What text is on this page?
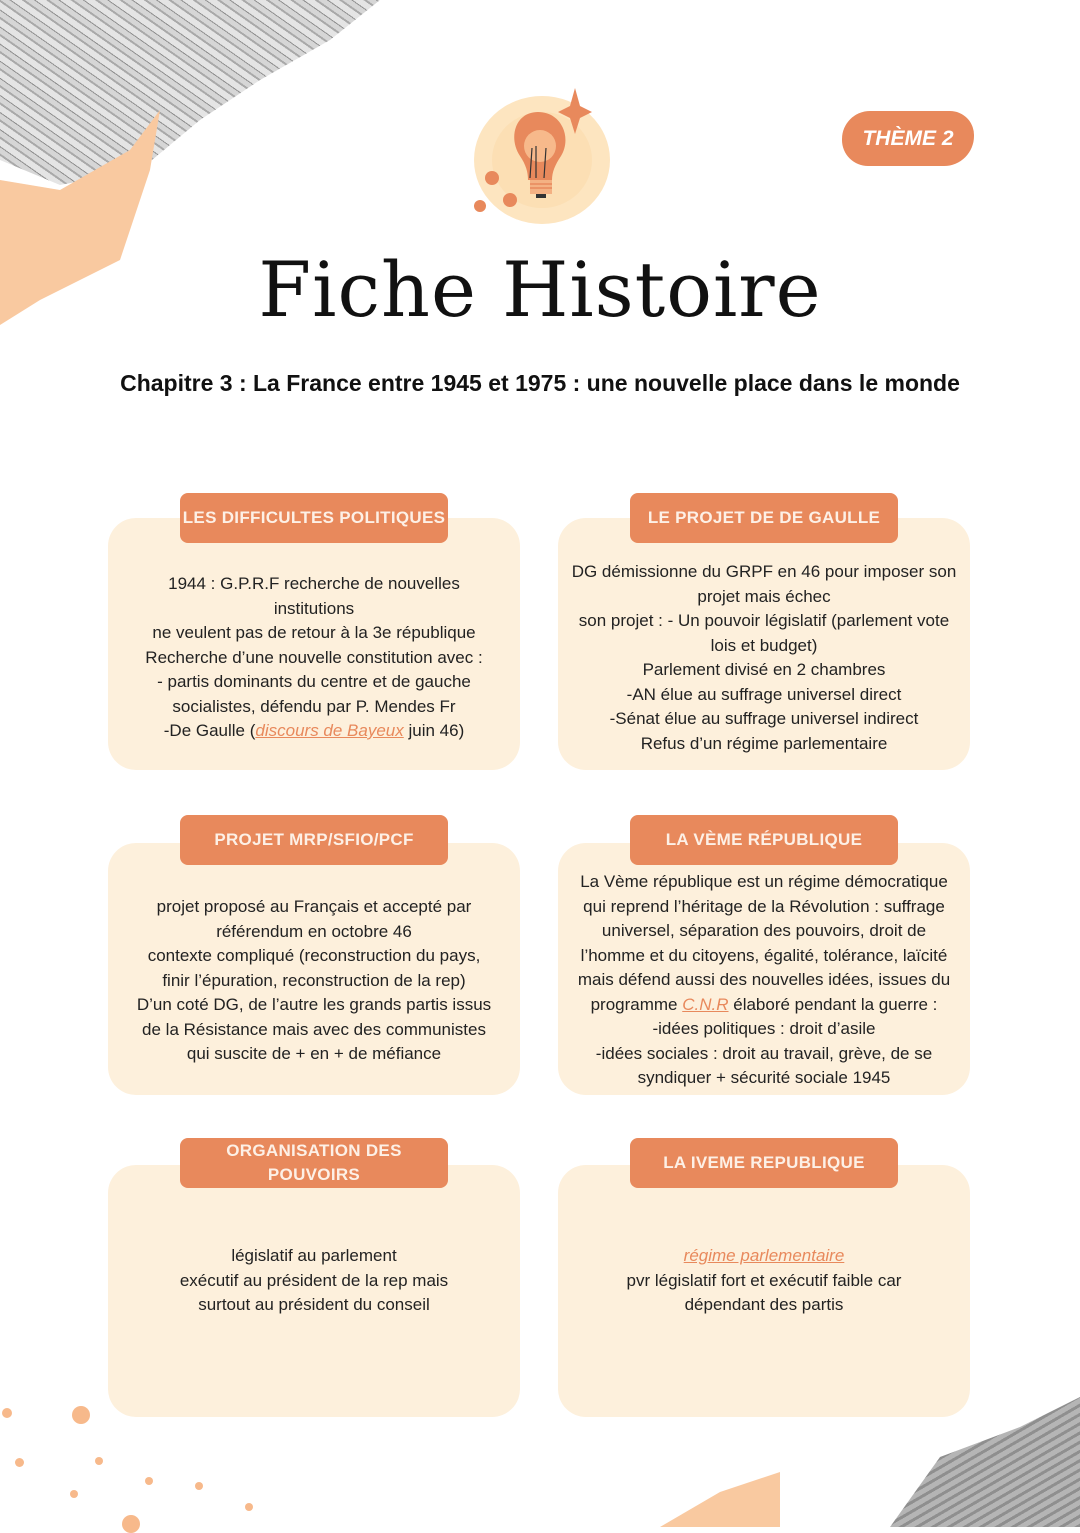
THÈME 2
Fiche Histoire
Chapitre 3 : La France entre 1945 et 1975 : une nouvelle place dans le monde
LES DIFFICULTES POLITIQUES
1944 : G.P.R.F recherche de nouvelles
institutions
ne veulent pas de retour à la 3e république
Recherche d’une nouvelle constitution avec :
- partis dominants du centre et de gauche
socialistes, défendu par P. Mendes Fr
-De Gaulle (discours de Bayeux juin 46)
LE PROJET DE DE GAULLE
DG démissionne du GRPF en 46 pour imposer son
projet mais échec
son projet : - Un pouvoir législatif (parlement vote
lois et budget)
Parlement divisé en 2 chambres
-AN élue au suffrage universel direct
-Sénat élue au suffrage universel indirect
Refus d’un régime parlementaire
PROJET MRP/SFIO/PCF
projet proposé au Français et accepté par
référendum en octobre 46
contexte compliqué (reconstruction du pays,
finir l’épuration, reconstruction de la rep)
D’un coté DG, de l’autre les grands partis issus
de la Résistance mais avec des communistes
qui suscite de + en + de méfiance
LA VÈME RÉPUBLIQUE
La Vème république est un régime démocratique
qui reprend l’héritage de la Révolution : suffrage
universel, séparation des pouvoirs, droit de
l’homme et du citoyens, égalité, tolérance, laïcité
mais défend aussi des nouvelles idées, issues du
programme C.N.R élaboré pendant la guerre :
-idées politiques : droit d’asile
-idées sociales : droit au travail, grève, de se
syndiquer + sécurité sociale 1945
ORGANISATION DES POUVOIRS
législatif au parlement
exécutif au président de la rep mais
surtout au président du conseil
LA IVEME REPUBLIQUE
régime parlementaire
pvr législatif fort et exécutif faible car
dépendant des partis
